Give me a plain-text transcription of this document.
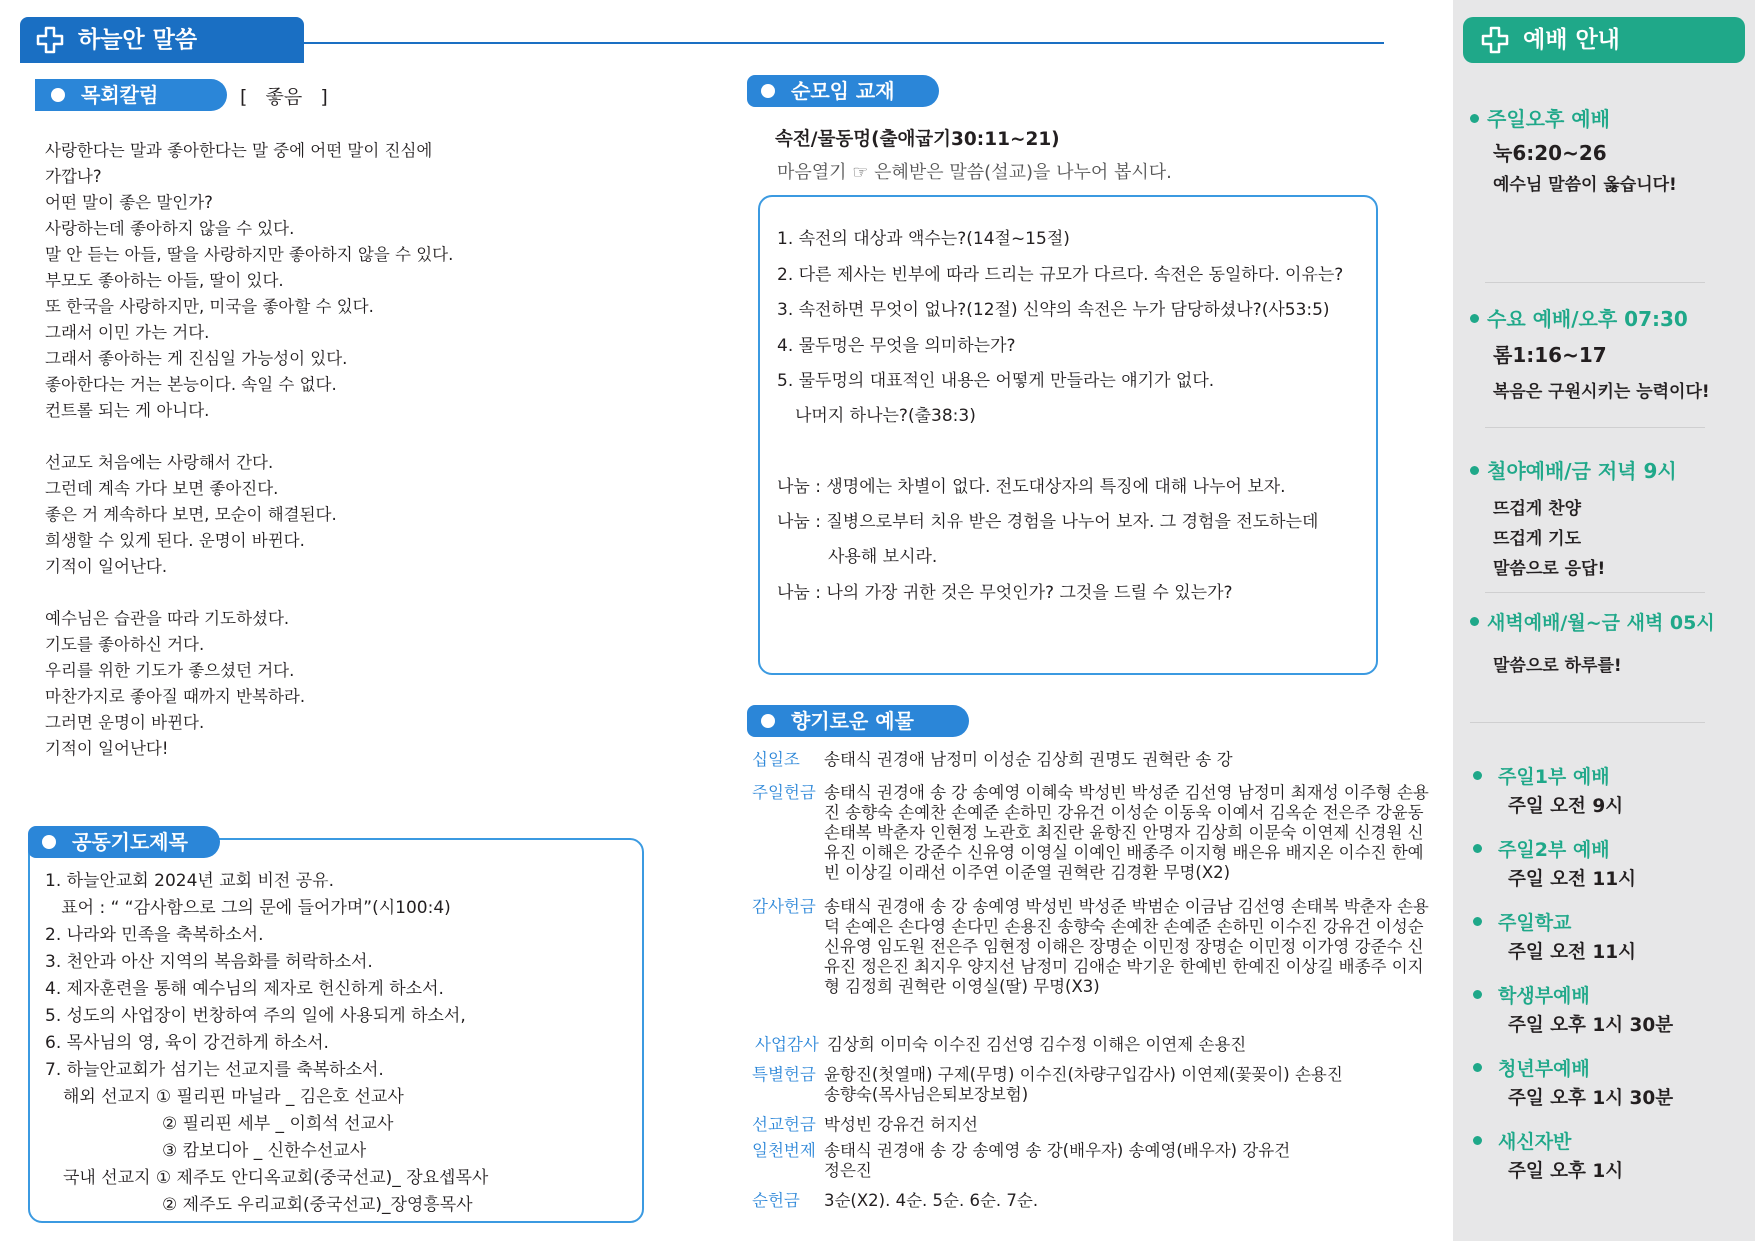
하늘안 말씀
목회칼럼	[   좋음   ]
사랑한다는 말과 좋아한다는 말 중에 어떤 말이 진심에
가깝나?
어떤 말이 좋은 말인가?
사랑하는데 좋아하지 않을 수 있다.
말 안 듣는 아들, 딸을 사랑하지만 좋아하지 않을 수 있다.
부모도 좋아하는 아들, 딸이 있다.
또 한국을 사랑하지만, 미국을 좋아할 수 있다.
그래서 이민 가는 거다.
그래서 좋아하는 게 진심일 가능성이 있다.
좋아한다는 거는 본능이다. 속일 수 없다.
컨트롤 되는 게 아니다.
선교도 처음에는 사랑해서 간다.
그런데 계속 가다 보면 좋아진다.
좋은 거 계속하다 보면, 모순이 해결된다.
희생할 수 있게 된다. 운명이 바뀐다.
기적이 일어난다.
예수님은 습관을 따라 기도하셨다.
기도를 좋아하신 거다.
우리를 위한 기도가 좋으셨던 거다.
마찬가지로 좋아질 때까지 반복하라.
그러면 운명이 바뀐다.
기적이 일어난다!
공동기도제목
1. 하늘안교회 2024년 교회 비전 공유.
표어 : “ “감사함으로 그의 문에 들어가며”(시100:4)
2. 나라와 민족을 축복하소서.
3. 천안과 아산 지역의 복음화를 허락하소서.
4. 제자훈련을 통해 예수님의 제자로 헌신하게 하소서.
5. 성도의 사업장이 번창하여 주의 일에 사용되게 하소서,
6. 목사님의 영, 육이 강건하게 하소서.
7. 하늘안교회가 섬기는 선교지를 축복하소서.
해외 선교지 ① 필리핀 마닐라 _ 김은호 선교사
② 필리핀 세부 _ 이희석 선교사
③ 캄보디아 _ 신한수선교사
국내 선교지 ① 제주도 안디옥교회(중국선교)_ 장요셉목사
② 제주도 우리교회(중국선교)_장영흥목사
순모임 교재
속전/물동멍(출애굽기30:11~21)
마음열기 ☞ 은혜받은 말씀(설교)을 나누어 봅시다.
1. 속전의 대상과 액수는?(14절~15절)
2. 다른 제사는 빈부에 따라 드리는 규모가 다르다. 속전은 동일하다. 이유는?
3. 속전하면 무엇이 없나?(12절) 신약의 속전은 누가 담당하셨나?(사53:5)
4. 물두멍은 무엇을 의미하는가?
5. 물두멍의 대표적인 내용은 어떻게 만들라는 얘기가 없다.
나머지 하나는?(출38:3)
나눔 : 생명에는 차별이 없다. 전도대상자의 특징에 대해 나누어 보자.
나눔 : 질병으로부터 치유 받은 경험을 나누어 보자. 그 경험을 전도하는데
사용해 보시라.
나눔 : 나의 가장 귀한 것은 무엇인가? 그것을 드릴 수 있는가?
향기로운 예물
십일조 송태식 권경애 남정미 이성순 김상희 권명도 권혁란 송 강
주일헌금 송태식 권경애 송 강 송예영 이혜숙 박성빈 박성준 김선영 남정미 최재성 이주형 손용진 송향숙 손예찬 손예준 손하민 강유건 이성순 이동욱 이예서 김옥순 전은주 강윤동 손태복 박춘자 인현정 노관호 최진란 윤항진 안명자 김상희 이문숙 이연제 신경원 신유진 이해은 강준수 신유영 이영실 이예인 배종주 이지형 배은유 배지온 이수진 한예빈 이상길 이래선 이주연 이준열 권혁란 김경환 무명(X2)
감사헌금 송태식 권경애 송 강 송예영 박성빈 박성준 박범순 이금남 김선영 손태복 박춘자 손용덕 손예은 손다영 손다민 손용진 송향숙 손예찬 손예준 손하민 이수진 강유건 이성순 신유영 임도원 전은주 임현정 이해은 장명순 이민정 장명순 이민정 이가영 강준수 신유진 정은진 최지우 양지선 남정미 김애순 박기운 한예빈 한예진 이상길 배종주 이지형 김정희 권혁란 이영실(딸) 무명(X3)
사업감사 김상희 이미숙 이수진 김선영 김수정 이해은 이연제 손용진
특별헌금 윤항진(첫열매) 구제(무명) 이수진(차량구입감사) 이연제(꽃꽂이) 손용진 송향숙(목사님은퇴보장보험)
선교헌금 박성빈 강유건 허지선
일천번제 송태식 권경애 송 강 송예영 송 강(배우자) 송예영(배우자) 강유건 정은진
순헌금 3순(X2). 4순. 5순. 6순. 7순.
예배 안내
주일오후 예배
눅6:20~26
예수님 말씀이 옳습니다!
수요 예배/오후 07:30
롬1:16~17
복음은 구원시키는 능력이다!
철야예배/금 저녁 9시
뜨겁게 찬양
뜨겁게 기도
말씀으로 응답!
새벽예배/월~금 새벽 05시
말씀으로 하루를!
주일1부 예배
주일 오전 9시
주일2부 예배
주일 오전 11시
주일학교
주일 오전 11시
학생부예배
주일 오후 1시 30분
청년부예배
주일 오후 1시 30분
새신자반
주일 오후 1시
